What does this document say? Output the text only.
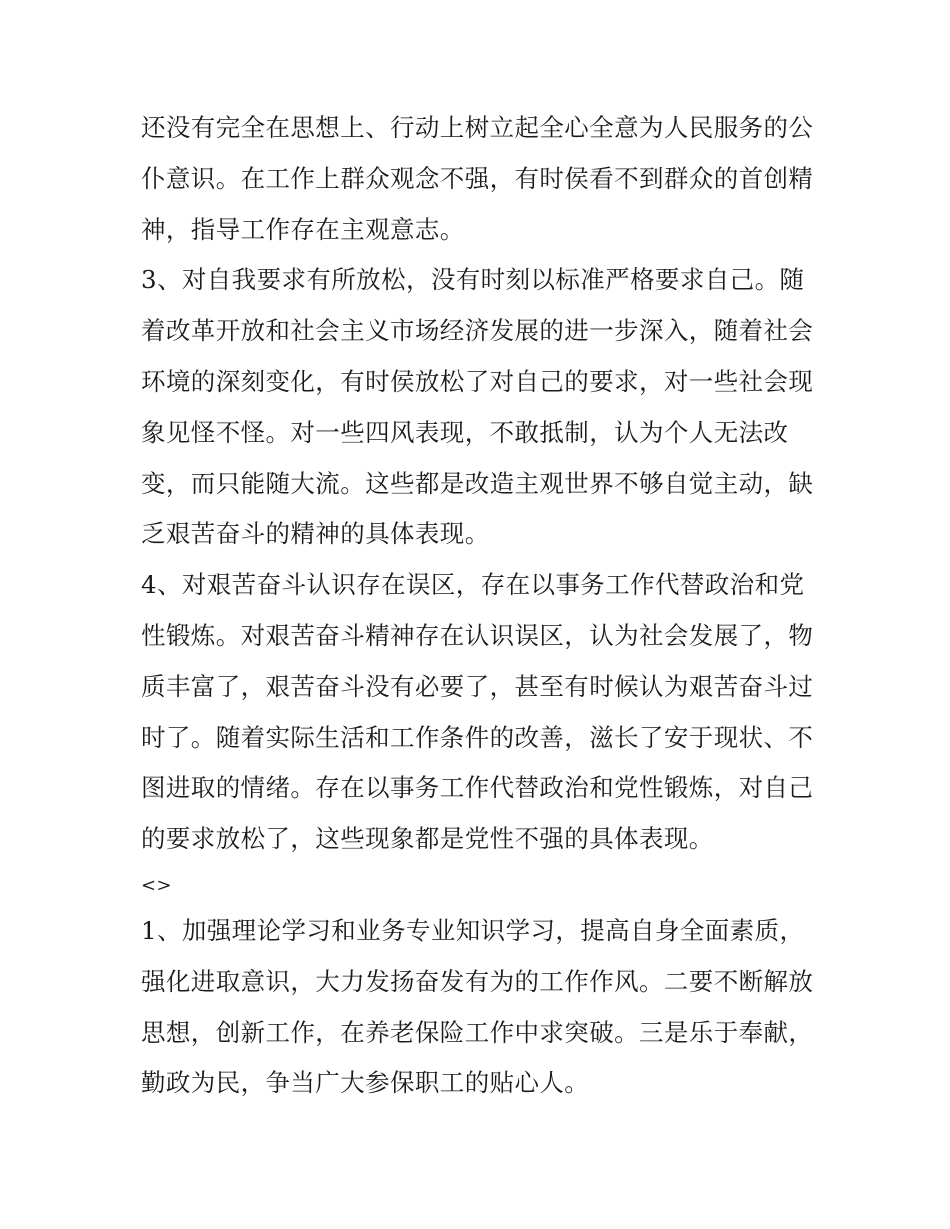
还没有完全在思想上、行动上树立起全心全意为人民服务的公
仆意识。在工作上群众观念不强，有时侯看不到群众的首创精
神，指导工作存在主观意志。
3、对自我要求有所放松，没有时刻以标准严格要求自己。随
着改革开放和社会主义市场经济发展的进一步深入，随着社会
环境的深刻变化，有时侯放松了对自己的要求，对一些社会现
象见怪不怪。对一些四风表现，不敢抵制，认为个人无法改
变，而只能随大流。这些都是改造主观世界不够自觉主动，缺
乏艰苦奋斗的精神的具体表现。
4、对艰苦奋斗认识存在误区，存在以事务工作代替政治和党
性锻炼。对艰苦奋斗精神存在认识误区，认为社会发展了，物
质丰富了，艰苦奋斗没有必要了，甚至有时候认为艰苦奋斗过
时了。随着实际生活和工作条件的改善，滋长了安于现状、不
图进取的情绪。存在以事务工作代替政治和党性锻炼，对自己
的要求放松了，这些现象都是党性不强的具体表现。
<>
1、加强理论学习和业务专业知识学习，提高自身全面素质，
强化进取意识，大力发扬奋发有为的工作作风。二要不断解放
思想，创新工作，在养老保险工作中求突破。三是乐于奉献，
勤政为民，争当广大参保职工的贴心人。
